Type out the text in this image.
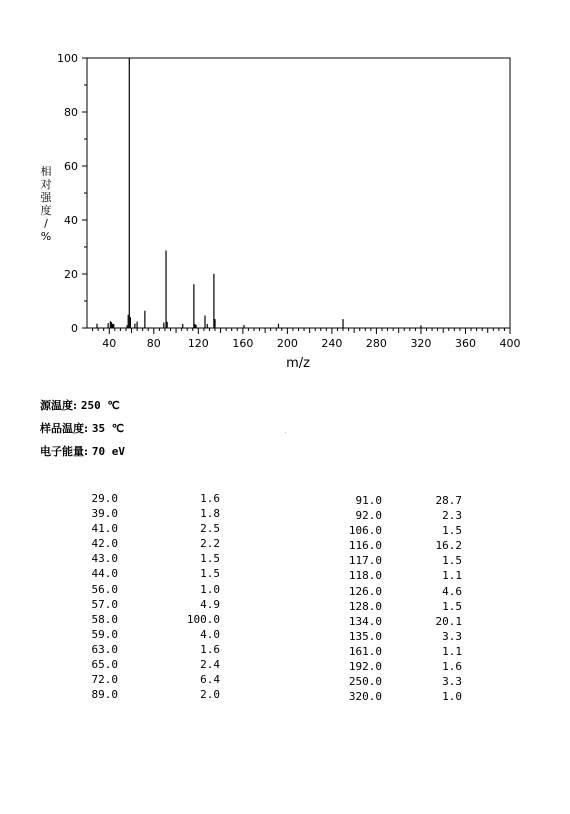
0
20
40
60
80
100
40	80 120 160 200 240 280 320 360 400
m/z
相对强度/ %
源温度: 250 ℃
样品温度: 35 ℃
电子能量: 70 eV
29.0	1.6
39.0	1.8
41.0	2.5
42.0	2.2
43.0	1.5
44.0	1.5
56.0	1.0
57.0	4.9
58.0	100.0
59.0	4.0
63.0	1.6
65.0	2.4
72.0	6.4
89.0	2.0
91.0	28.7
92.0	2.3
106.0	1.5
116.0	16.2
117.0	1.5
118.0	1.1
126.0	4.6
128.0	1.5
134.0	20.1
135.0	3.3
161.0	1.1
192.0	1.6
250.0	3.3
320.0	1.0
